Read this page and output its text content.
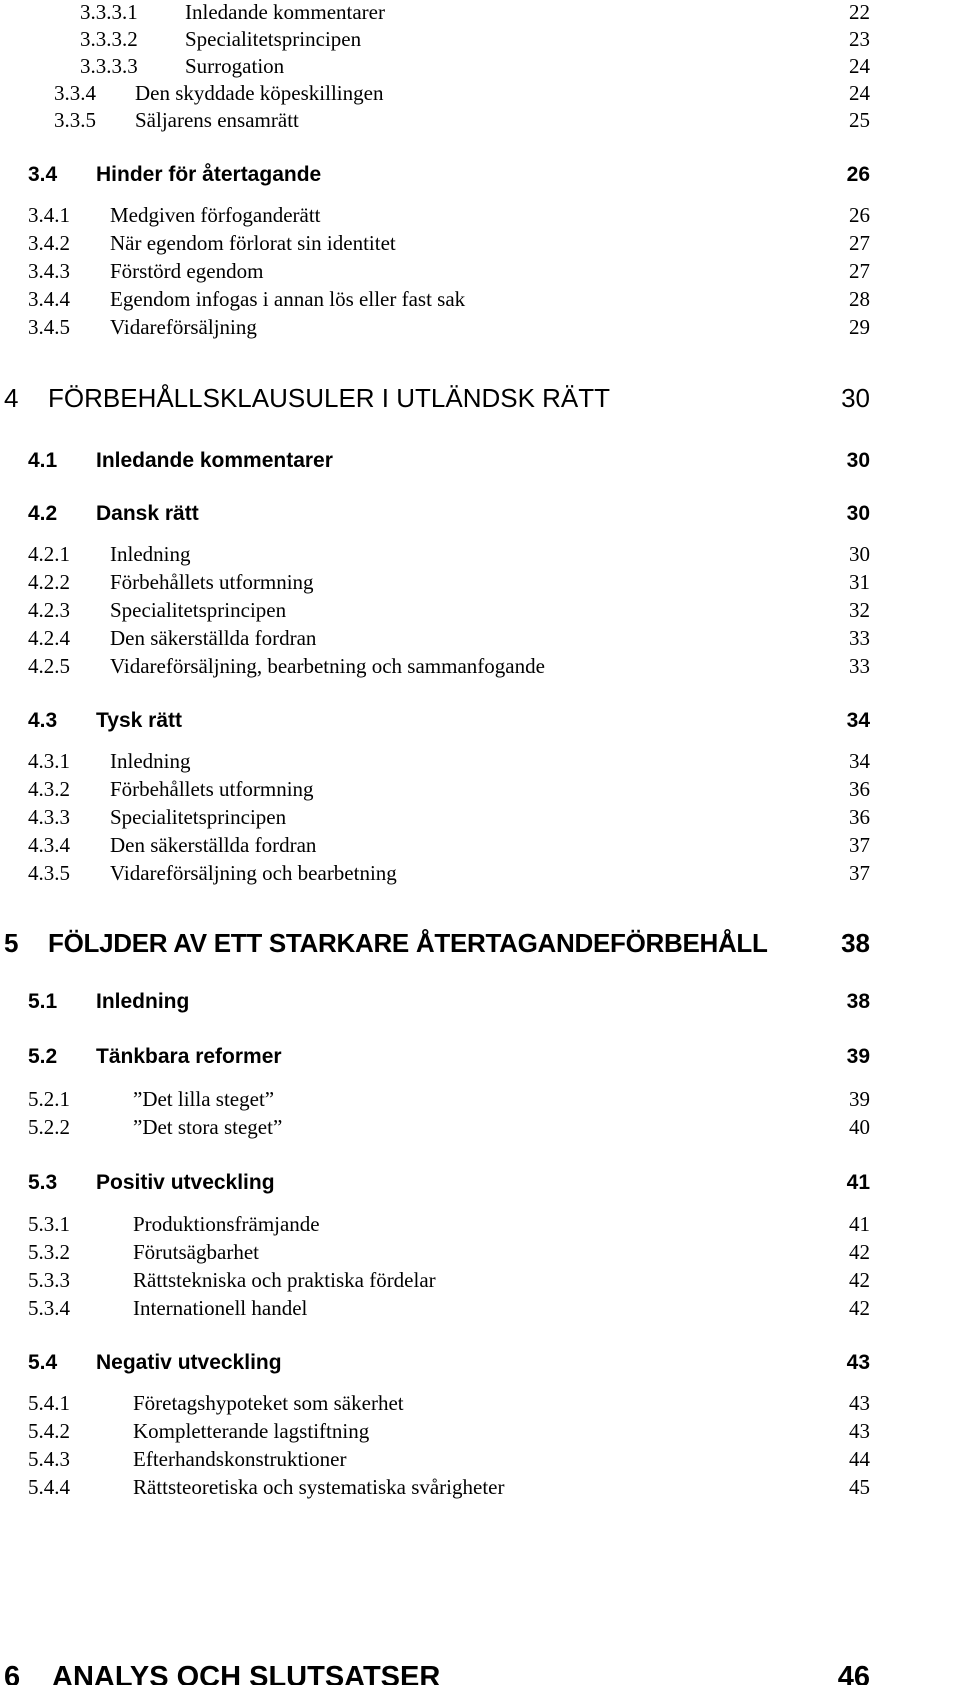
3.3.3.1 Inledande kommentarer	22
3.3.3.2 Specialitetsprincipen	23
3.3.3.3 Surrogation	24
3.3.4 Den skyddade köpeskillingen	24
3.3.5 Säljarens ensamrätt	25
3.4 Hinder för återtagande	26
3.4.1 Medgiven förfoganderätt	26
3.4.2 När egendom förlorat sin identitet	27
3.4.3 Förstörd egendom	27
3.4.4 Egendom infogas i annan lös eller fast sak	28
3.4.5 Vidareförsäljning	29
4 FÖRBEHÅLLSKLAUSULER I UTLÄNDSK RÄTT	30
4.1 Inledande kommentarer	30
4.2 Dansk rätt	30
4.2.1 Inledning	30
4.2.2 Förbehållets utformning	31
4.2.3 Specialitetsprincipen	32
4.2.4 Den säkerställda fordran	33
4.2.5 Vidareförsäljning, bearbetning och sammanfogande	33
4.3 Tysk rätt	34
4.3.1 Inledning	34
4.3.2 Förbehållets utformning	36
4.3.3 Specialitetsprincipen	36
4.3.4 Den säkerställda fordran	37
4.3.5 Vidareförsäljning och bearbetning	37
5 FÖLJDER AV ETT STARKARE ÅTERTAGANDEFÖRBEHÅLL	38
5.1 Inledning	38
5.2 Tänkbara reformer	39
5.2.1	”Det lilla steget”	39
5.2.2	”Det stora steget”	40
5.3 Positiv utveckling	41
5.3.1	Produktionsfrämjande	41
5.3.2	Förutsägbarhet	42
5.3.3	Rättstekniska och praktiska fördelar	42
5.3.4	Internationell handel	42
5.4 Negativ utveckling	43
5.4.1	Företagshypoteket som säkerhet	43
5.4.2	Kompletterande lagstiftning	43
5.4.3	Efterhandskonstruktioner	44
5.4.4	Rättsteoretiska och systematiska svårigheter	45
6 ANALYS OCH SLUTSATSER	46
